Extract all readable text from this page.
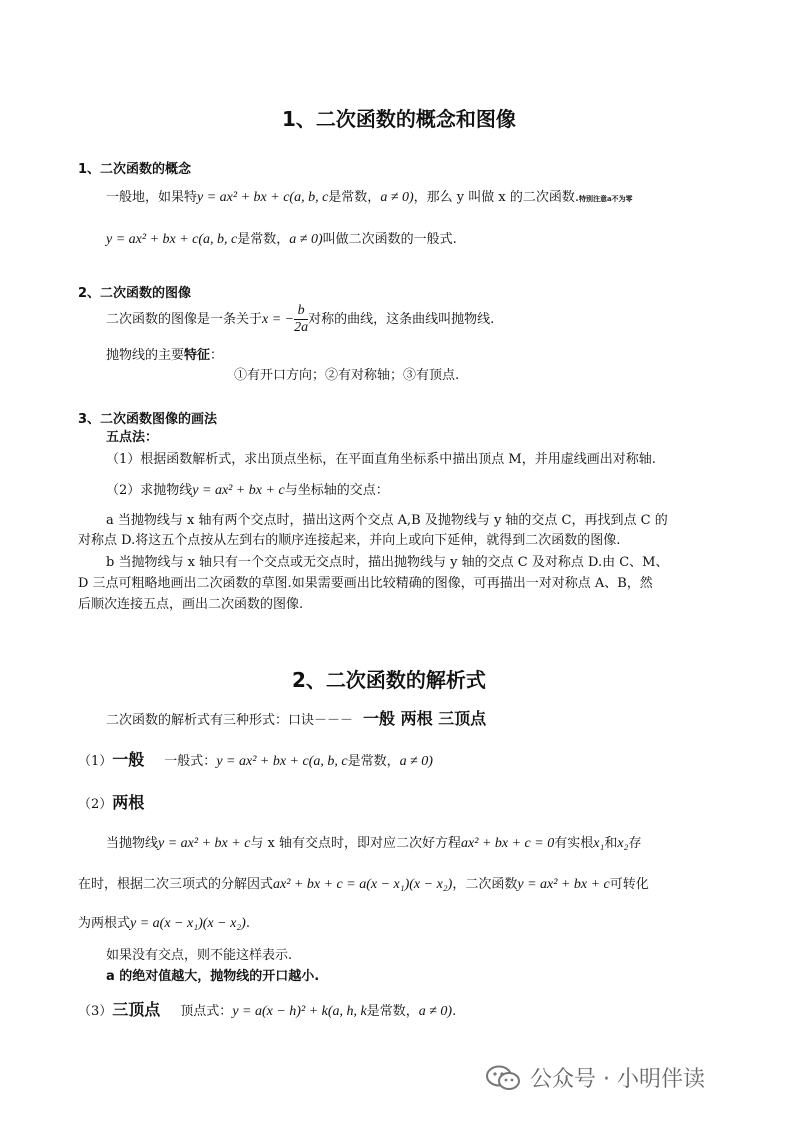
1、二次函数的概念和图像
1、二次函数的概念
一般地，如果特y = ax² + bx + c(a, b, c是常数，a ≠ 0)，那么 y 叫做 x 的二次函数.特别注意a不为零
y = ax² + bx + c(a, b, c是常数，a ≠ 0)叫做二次函数的一般式.
2、二次函数的图像
二次函数的图像是一条关于x = − $\frac{b}{2a}$ 对称的曲线，这条曲线叫抛物线.
抛物线的主要特征：
①有开口方向；②有对称轴；③有顶点.
3、二次函数图像的画法
五点法：
（1）根据函数解析式，求出顶点坐标，在平面直角坐标系中描出顶点 M，并用虚线画出对称轴.
（2）求抛物线y = ax² + bx + c与坐标轴的交点：
a 当抛物线与 x 轴有两个交点时，描出这两个交点 A,B 及抛物线与 y 轴的交点 C，再找到点 C 的
对称点 D.将这五个点按从左到右的顺序连接起来，并向上或向下延伸，就得到二次函数的图像.
b 当抛物线与 x 轴只有一个交点或无交点时，描出抛物线与 y 轴的交点 C 及对称点 D.由 C、M、
D 三点可粗略地画出二次函数的草图.如果需要画出比较精确的图像，可再描出一对对称点 A、B，然
后顺次连接五点，画出二次函数的图像.
2、二次函数的解析式
二次函数的解析式有三种形式：口诀－－－ 一般 两根 三顶点
（1）一般 一般式：y = ax² + bx + c(a, b, c是常数，a ≠ 0)
（2）两根
当抛物线y = ax² + bx + c与 x 轴有交点时，即对应二次好方程ax² + bx + c = 0有实根x₁和x₂存
在时，根据二次三项式的分解因式ax² + bx + c = a(x − x₁)(x − x₂)，二次函数y = ax² + bx + c可转化
为两根式y = a(x − x₁)(x − x₂).
如果没有交点，则不能这样表示.
a 的绝对值越大，抛物线的开口越小.
（3）三顶点 顶点式：y = a(x − h)² + k(a, h, k是常数，a ≠ 0).
公众号 · 小明伴读
